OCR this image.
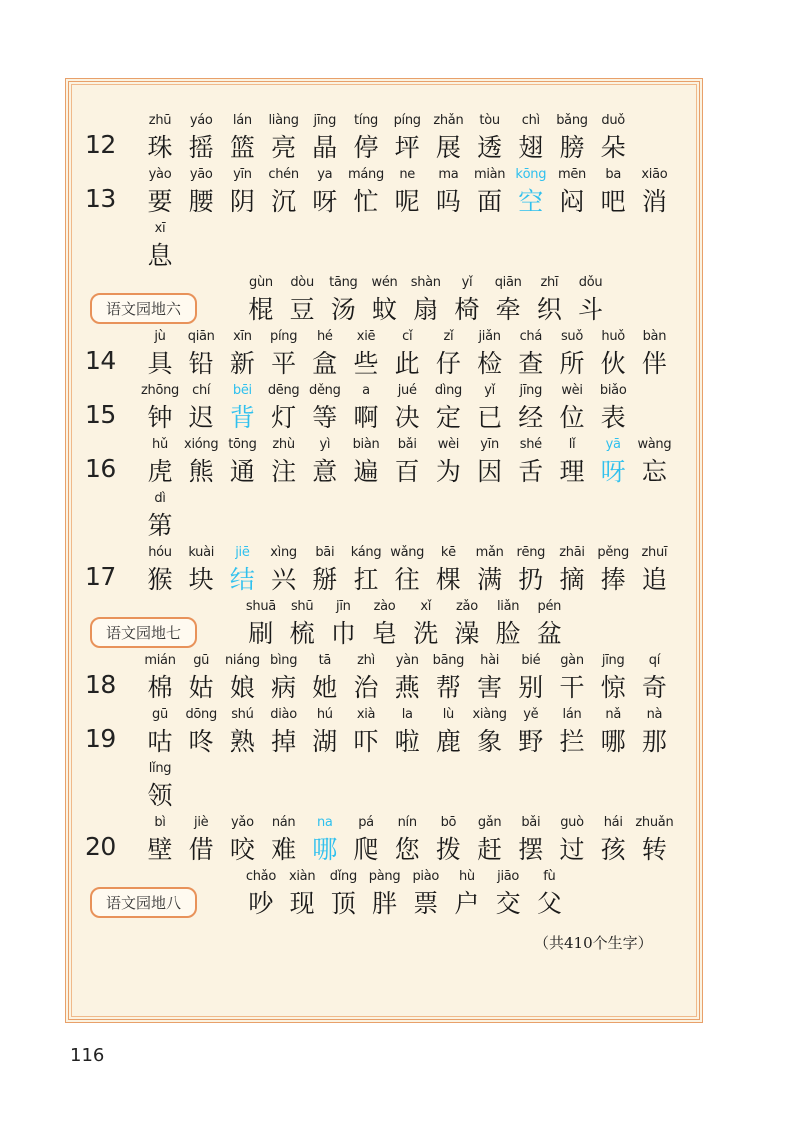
12
zhū
珠
yáo
摇
lán
篮
liàng
亮
jīng
晶
tíng
停
píng
坪
zhǎn
展
tòu
透
chì
翅
bǎng
膀
duǒ
朵
13
yào
要
yāo
腰
yīn
阴
chén
沉
ya
呀
máng
忙
ne
呢
ma
吗
miàn
面
kōng
空
mēn
闷
ba
吧
xiāo
消
xī
息
语文园地六
gùn
棍
dòu
豆
tāng
汤
wén
蚊
shàn
扇
yǐ
椅
qiān
牵
zhī
织
dǒu
斗
14
jù
具
qiān
铅
xīn
新
píng
平
hé
盒
xiē
些
cǐ
此
zǐ
仔
jiǎn
检
chá
查
suǒ
所
huǒ
伙
bàn
伴
15
zhōng
钟
chí
迟
bēi
背
dēng
灯
děng
等
a
啊
jué
决
dìng
定
yǐ
已
jīng
经
wèi
位
biǎo
表
16
hǔ
虎
xióng
熊
tōng
通
zhù
注
yì
意
biàn
遍
bǎi
百
wèi
为
yīn
因
shé
舌
lǐ
理
yā
呀
wàng
忘
dì
第
17
hóu
猴
kuài
块
jiē
结
xìng
兴
bāi
掰
káng
扛
wǎng
往
kē
棵
mǎn
满
rēng
扔
zhāi
摘
pěng
捧
zhuī
追
语文园地七
shuā
刷
shū
梳
jīn
巾
zào
皂
xǐ
洗
zǎo
澡
liǎn
脸
pén
盆
18
mián
棉
gū
姑
niáng
娘
bìng
病
tā
她
zhì
治
yàn
燕
bāng
帮
hài
害
bié
别
gàn
干
jīng
惊
qí
奇
19
gū
咕
dōng
咚
shú
熟
diào
掉
hú
湖
xià
吓
la
啦
lù
鹿
xiàng
象
yě
野
lán
拦
nǎ
哪
nà
那
lǐng
领
20
bì
壁
jiè
借
yǎo
咬
nán
难
na
哪
pá
爬
nín
您
bō
拨
gǎn
赶
bǎi
摆
guò
过
hái
孩
zhuǎn
转
语文园地八
chǎo
吵
xiàn
现
dǐng
顶
pàng
胖
piào
票
hù
户
jiāo
交
fù
父
（共410个生字）
116
